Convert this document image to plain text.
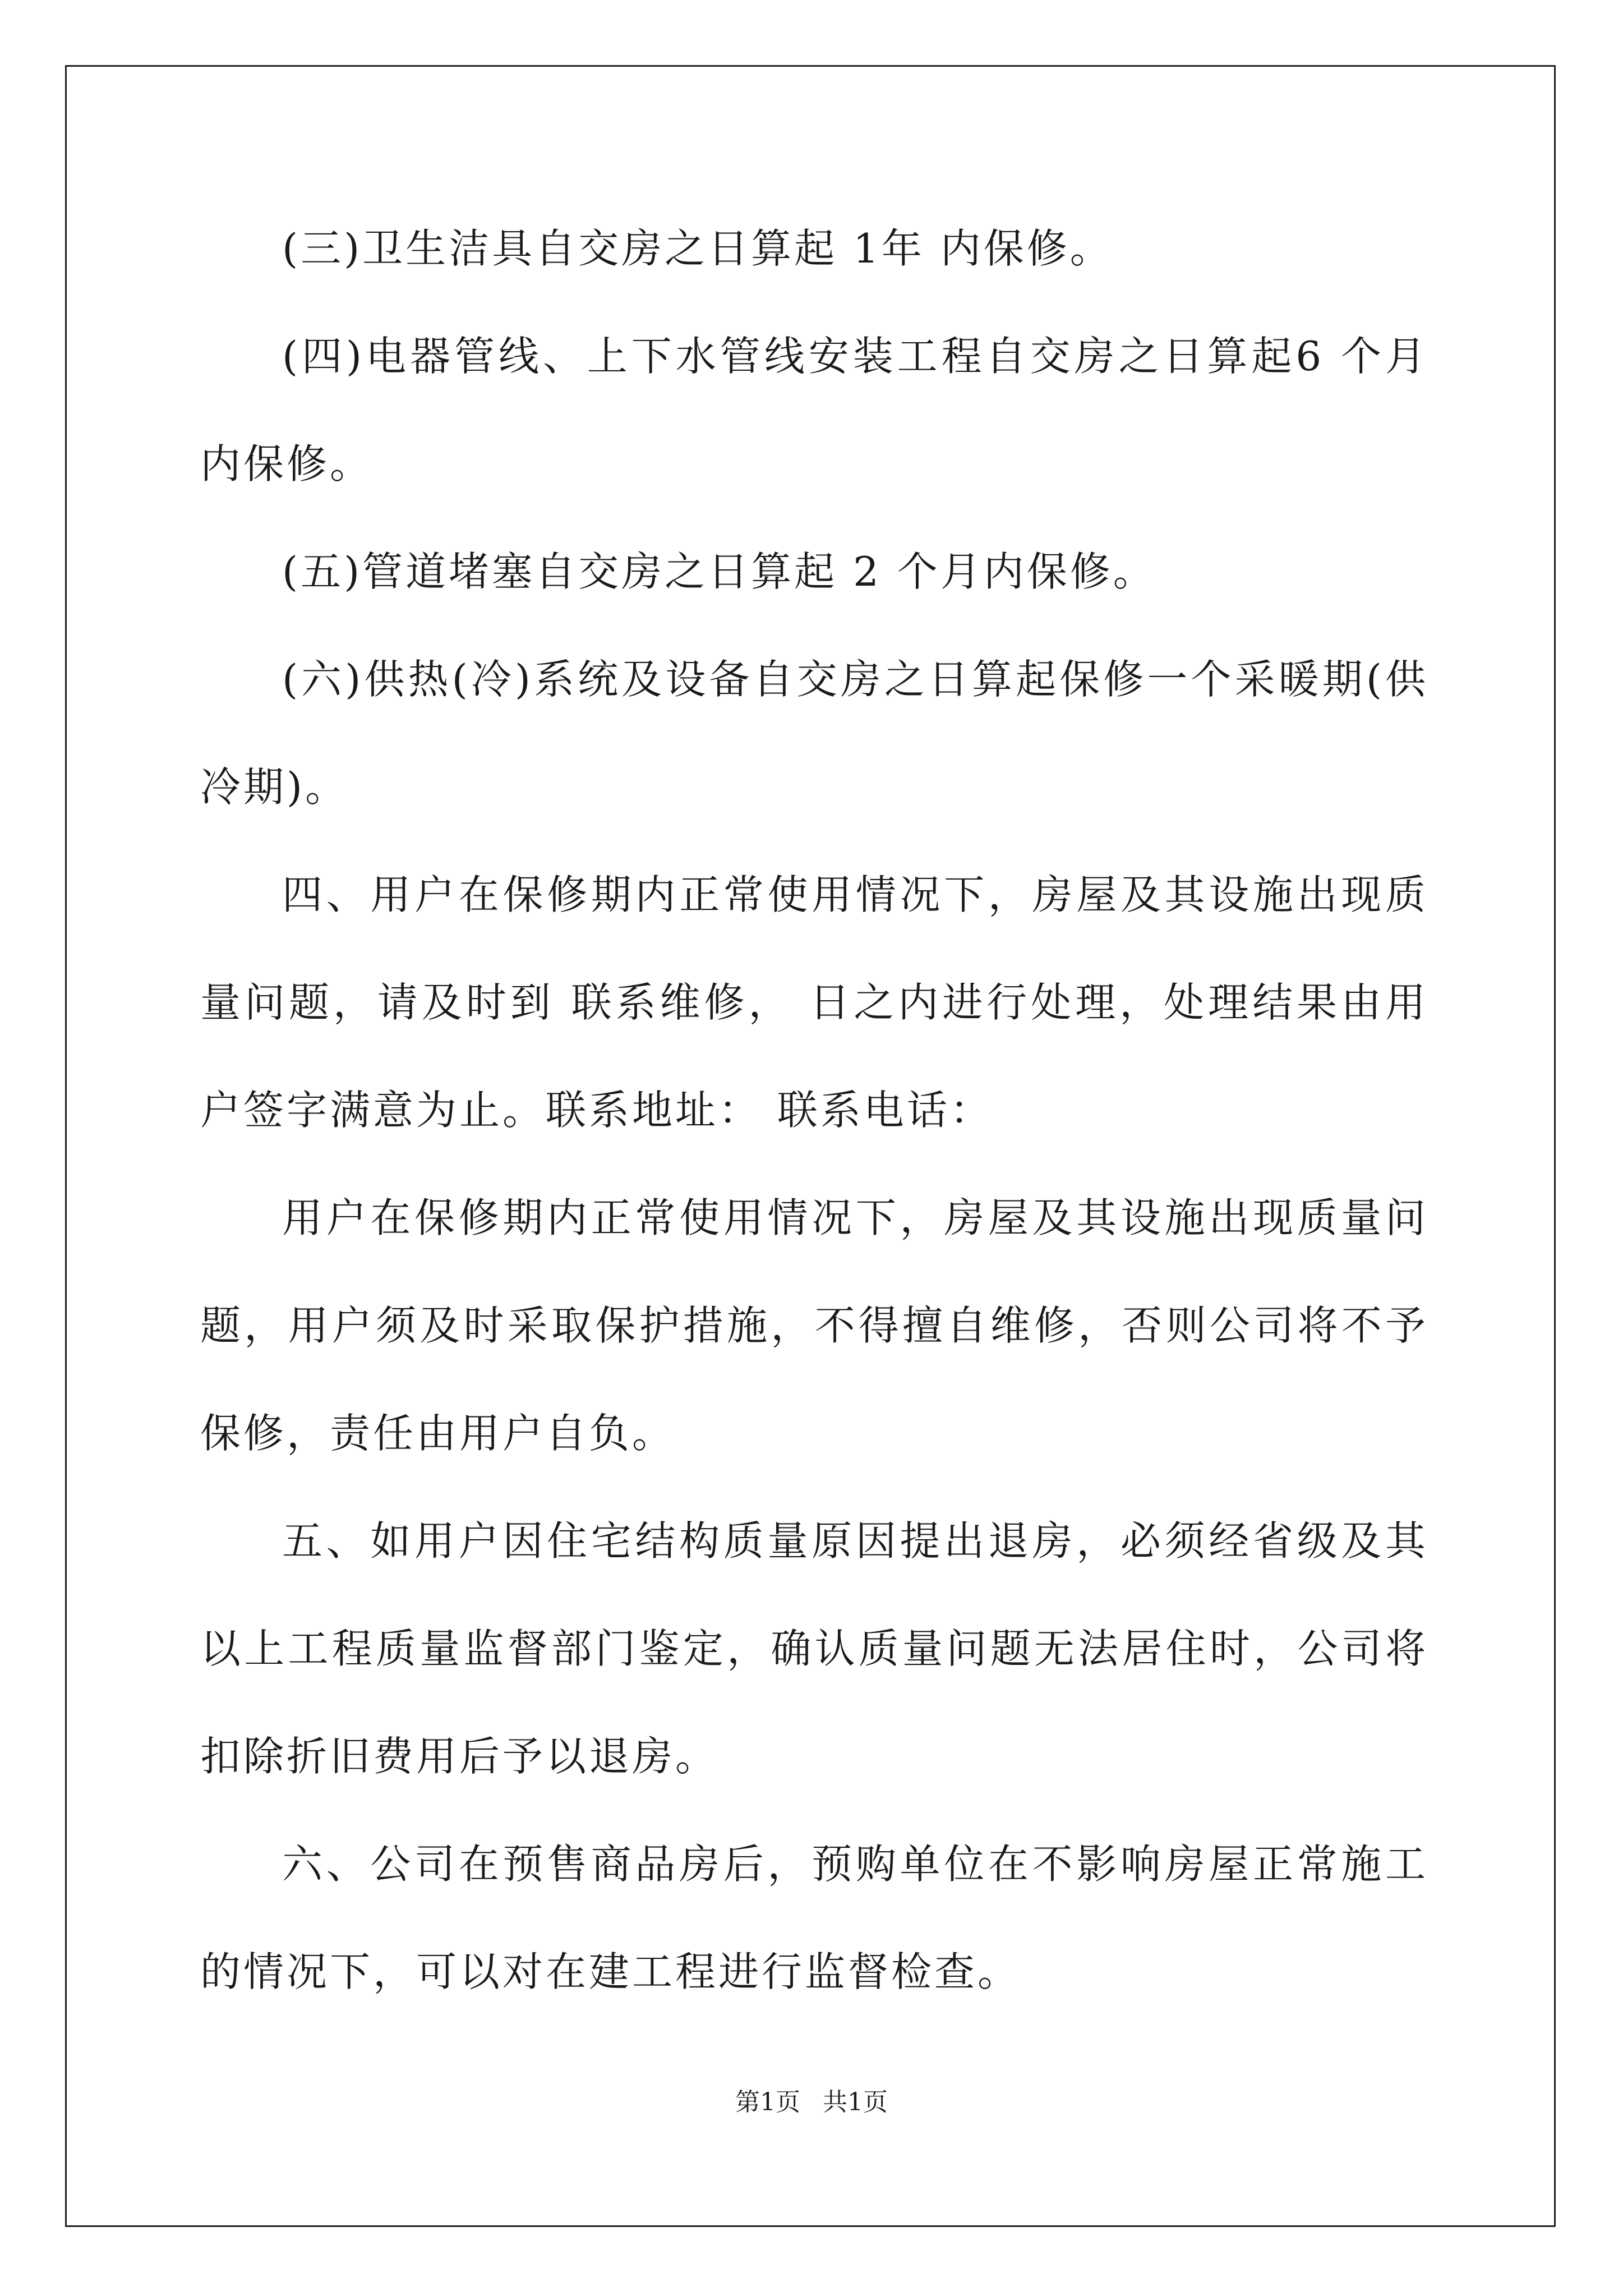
(三)卫生洁具自交房之日算起 1年 内保修。

(四)电器管线、上下水管线安装工程自交房之日算起6 个月内保修。

(五)管道堵塞自交房之日算起 2 个月内保修。

(六)供热(冷)系统及设备自交房之日算起保修一个采暖期(供冷期)。

四、用户在保修期内正常使用情况下，房屋及其设施出现质量问题，请及时到 联系维修， 日之内进行处理，处理结果由用户签字满意为止。联系地址： 联系电话：

用户在保修期内正常使用情况下，房屋及其设施出现质量问题，用户须及时采取保护措施，不得擅自维修，否则公司将不予保修，责任由用户自负。

五、如用户因住宅结构质量原因提出退房，必须经省级及其以上工程质量监督部门鉴定，确认质量问题无法居住时，公司将扣除折旧费用后予以退房。

六、公司在预售商品房后，预购单位在不影响房屋正常施工的情况下，可以对在建工程进行监督检查。

第1页 共1页
